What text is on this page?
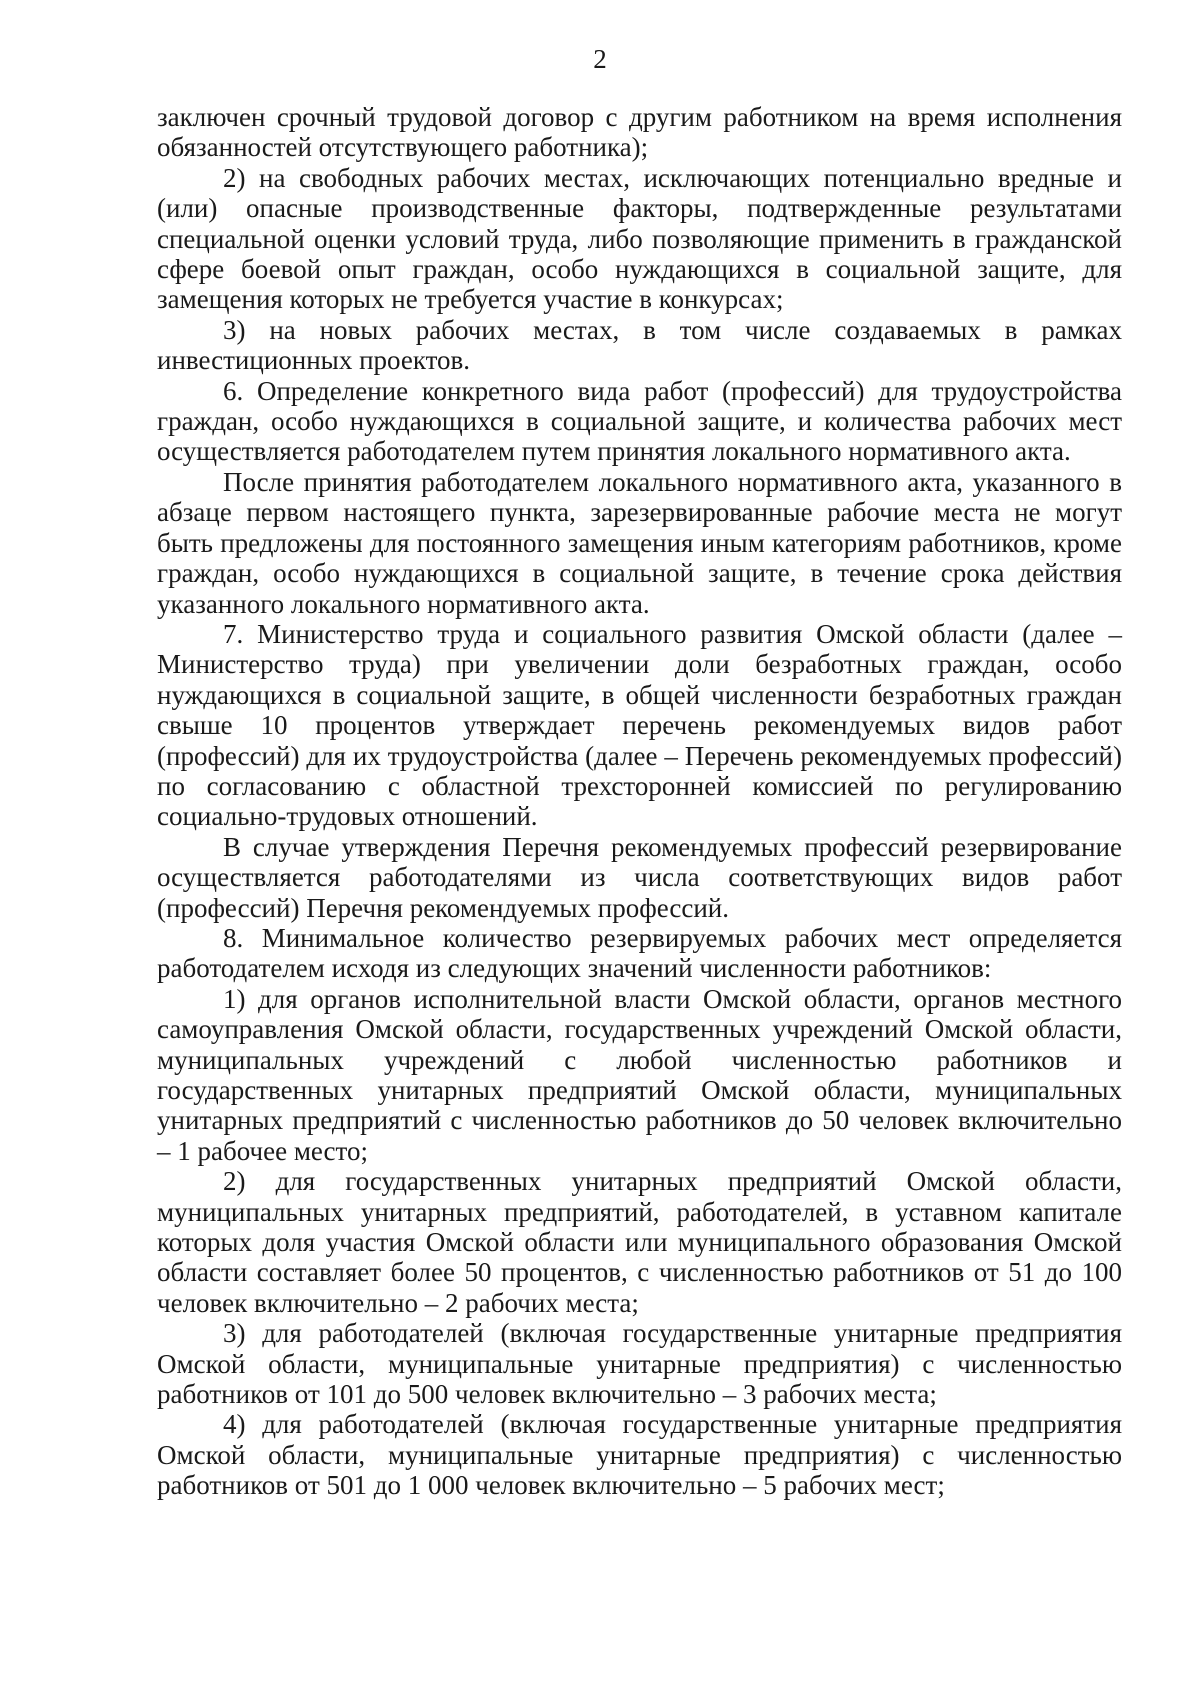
2

заключен срочный трудовой договор с другим работником на время исполнения обязанностей отсутствующего работника);

2) на свободных рабочих местах, исключающих потенциально вредные и (или) опасные производственные факторы, подтвержденные результатами специальной оценки условий труда, либо позволяющие применить в гражданской сфере боевой опыт граждан, особо нуждающихся в социальной защите, для замещения которых не требуется участие в конкурсах;

3) на новых рабочих местах, в том числе создаваемых в рамках инвестиционных проектов.

6. Определение конкретного вида работ (профессий) для трудоустройства граждан, особо нуждающихся в социальной защите, и количества рабочих мест осуществляется работодателем путем принятия локального нормативного акта.

После принятия работодателем локального нормативного акта, указанного в абзаце первом настоящего пункта, зарезервированные рабочие места не могут быть предложены для постоянного замещения иным категориям работников, кроме граждан, особо нуждающихся в социальной защите, в течение срока действия указанного локального нормативного акта.

7. Министерство труда и социального развития Омской области (далее – Министерство труда) при увеличении доли безработных граждан, особо нуждающихся в социальной защите, в общей численности безработных граждан свыше 10 процентов утверждает перечень рекомендуемых видов работ (профессий) для их трудоустройства (далее – Перечень рекомендуемых профессий) по согласованию с областной трехсторонней комиссией по регулированию социально-трудовых отношений.

В случае утверждения Перечня рекомендуемых профессий резервирование осуществляется работодателями из числа соответствующих видов работ (профессий) Перечня рекомендуемых профессий.

8. Минимальное количество резервируемых рабочих мест определяется работодателем исходя из следующих значений численности работников:

1) для органов исполнительной власти Омской области, органов местного самоуправления Омской области, государственных учреждений Омской области, муниципальных учреждений с любой численностью работников и государственных унитарных предприятий Омской области, муниципальных унитарных предприятий с численностью работников до 50 человек включительно – 1 рабочее место;

2) для государственных унитарных предприятий Омской области, муниципальных унитарных предприятий, работодателей, в уставном капитале которых доля участия Омской области или муниципального образования Омской области составляет более 50 процентов, с численностью работников от 51 до 100 человек включительно – 2 рабочих места;

3) для работодателей (включая государственные унитарные предприятия Омской области, муниципальные унитарные предприятия) с численностью работников от 101 до 500 человек включительно – 3 рабочих места;

4) для работодателей (включая государственные унитарные предприятия Омской области, муниципальные унитарные предприятия) с численностью работников от 501 до 1 000 человек включительно – 5 рабочих мест;
